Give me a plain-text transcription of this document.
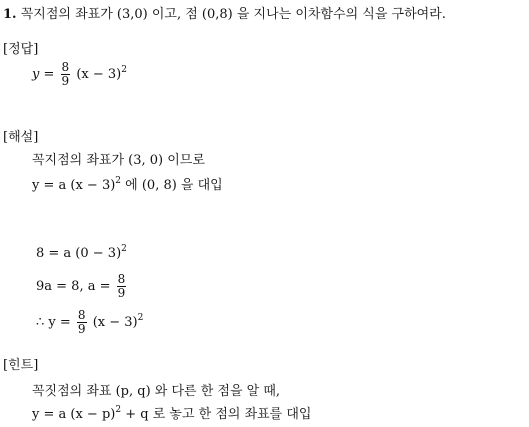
1. 꼭지점의 좌표가 (3,0) 이고, 점 (0,8) 을 지나는 이차함수의 식을 구하여라.
[정답]
$y = \frac{8}{9} (x - 3)^2$
[해설]
꼭지점의 좌표가 (3, 0) 이므로
y = a $(x - 3)^2$ 에 (0, 8) 을 대입
8 = a $(0 - 3)^2$
9a = 8, $a = \frac{8}{9}$
∴ $y = \frac{8}{9} (x - 3)^2$
[힌트]
꼭짓점의 좌표 (p, q) 와 다른 한 점을 알 때,
y = a $(x - p)^2 + q$ 로 놓고 한 점의 좌표를 대입
